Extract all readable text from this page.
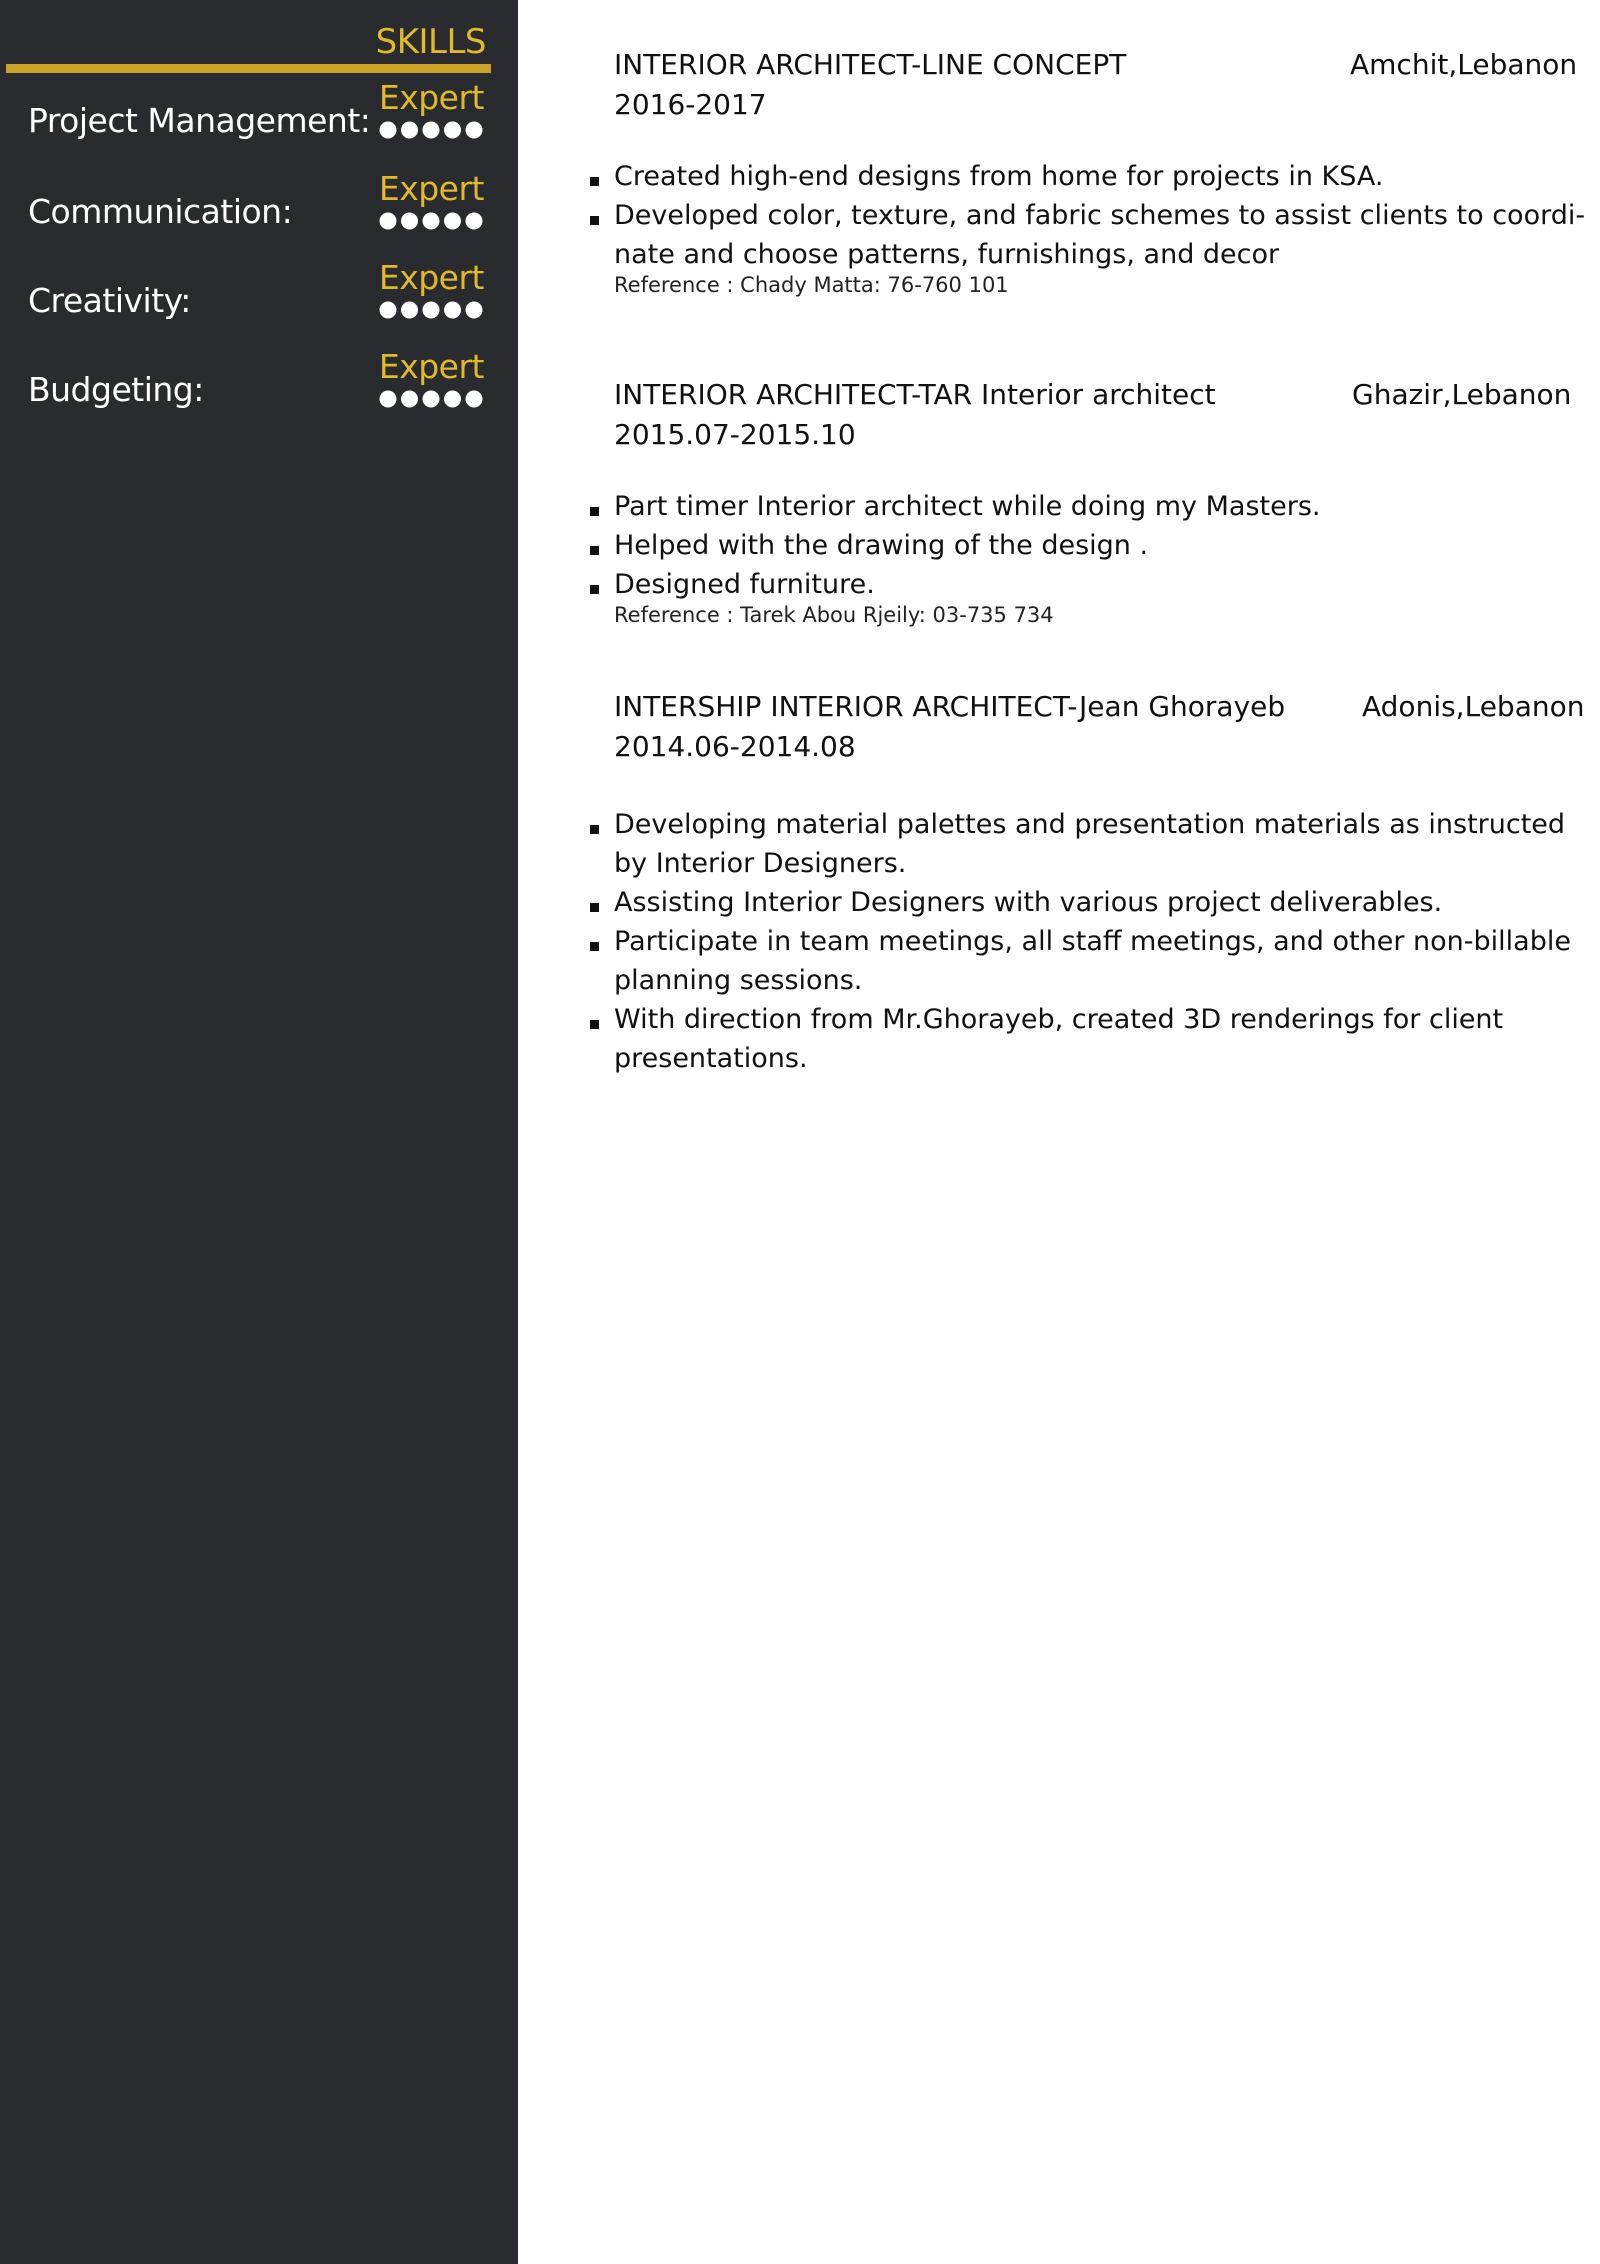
SKILLS
Project Management:
Expert
Communication:
Expert
Creativity:
Expert
Budgeting:
Expert
INTERIOR ARCHITECT-LINE CONCEPT	Amchit,Lebanon
2016-2017
Created high-end designs from home for projects in KSA.
Developed color, texture, and fabric schemes to assist clients to coordi-nate and choose patterns, furnishings, and decor
Reference : Chady Matta: 76-760 101
INTERIOR ARCHITECT-TAR Interior architect	Ghazir,Lebanon
2015.07-2015.10
Part timer Interior architect while doing my Masters.
Helped with the drawing of the design .
Designed furniture.
Reference : Tarek Abou Rjeily: 03-735 734
INTERSHIP INTERIOR ARCHITECT-Jean Ghorayeb	Adonis,Lebanon
2014.06-2014.08
Developing material palettes and presentation materials as instructed by Interior Designers.
Assisting Interior Designers with various project deliverables.
Participate in team meetings, all staff meetings, and other non-billable planning sessions.
With direction from Mr.Ghorayeb, created 3D renderings for client presentations.
